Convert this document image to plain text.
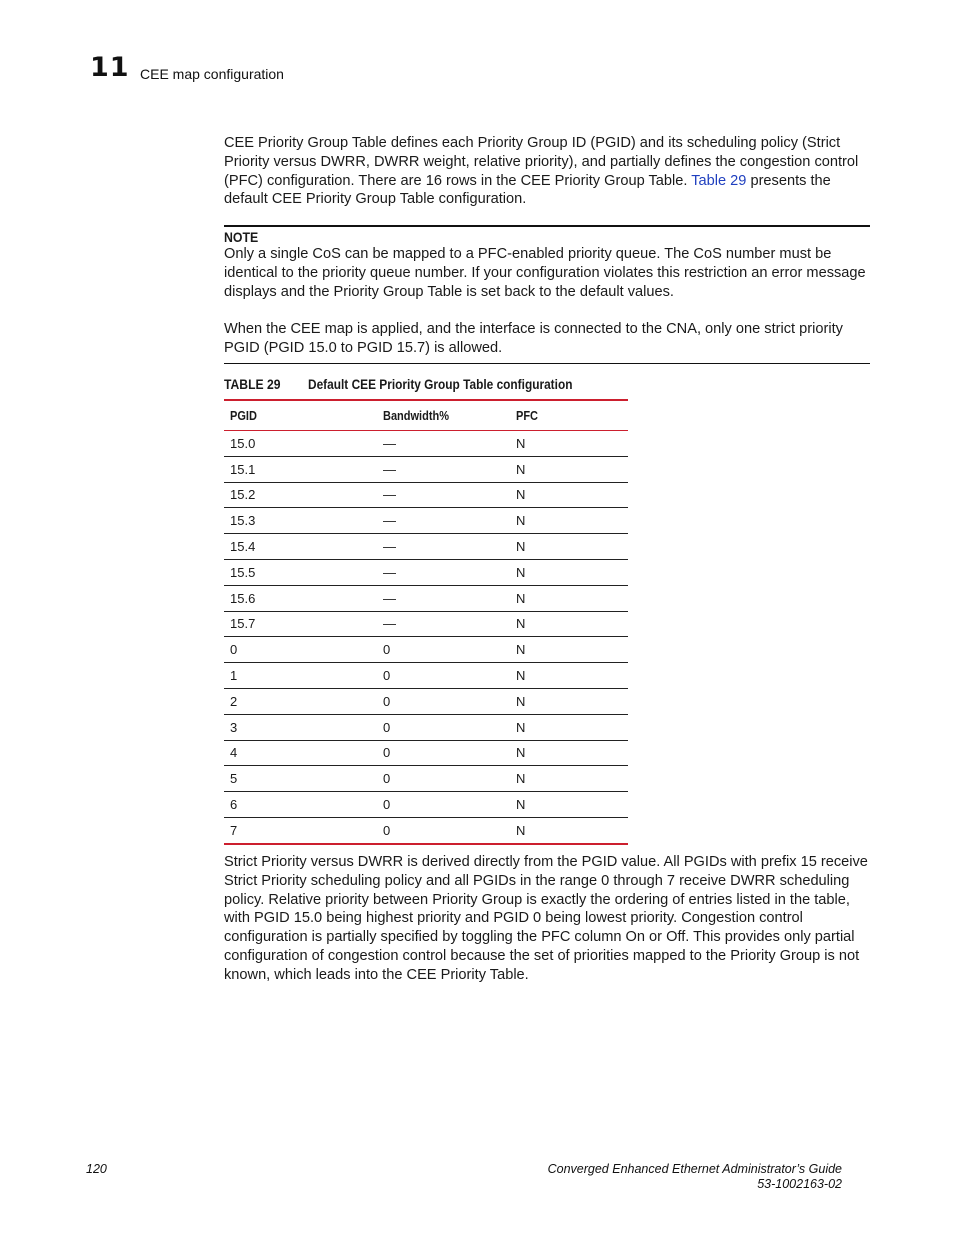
11 CEE map configuration

CEE Priority Group Table defines each Priority Group ID (PGID) and its scheduling policy (Strict Priority versus DWRR, DWRR weight, relative priority), and partially defines the congestion control (PFC) configuration. There are 16 rows in the CEE Priority Group Table. Table 29 presents the default CEE Priority Group Table configuration.

NOTE

Only a single CoS can be mapped to a PFC-enabled priority queue. The CoS number must be identical to the priority queue number. If your configuration violates this restriction an error message displays and the Priority Group Table is set back to the default values.

When the CEE map is applied, and the interface is connected to the CNA, only one strict priority PGID (PGID 15.0 to PGID 15.7) is allowed.

TABLE 29 Default CEE Priority Group Table configuration
PGID	Bandwidth%	PFC
15.0	—	N
15.1	—	N
15.2	—	N
15.3	—	N
15.4	—	N
15.5	—	N
15.6	—	N
15.7	—	N
0	0	N
1	0	N
2	0	N
3	0	N
4	0	N
5	0	N
6	0	N
7	0	N

Strict Priority versus DWRR is derived directly from the PGID value. All PGIDs with prefix 15 receive Strict Priority scheduling policy and all PGIDs in the range 0 through 7 receive DWRR scheduling policy. Relative priority between Priority Group is exactly the ordering of entries listed in the table, with PGID 15.0 being highest priority and PGID 0 being lowest priority. Congestion control configuration is partially specified by toggling the PFC column On or Off. This provides only partial configuration of congestion control because the set of priorities mapped to the Priority Group is not known, which leads into the CEE Priority Table.

120	Converged Enhanced Ethernet Administrator’s Guide
53-1002163-02
